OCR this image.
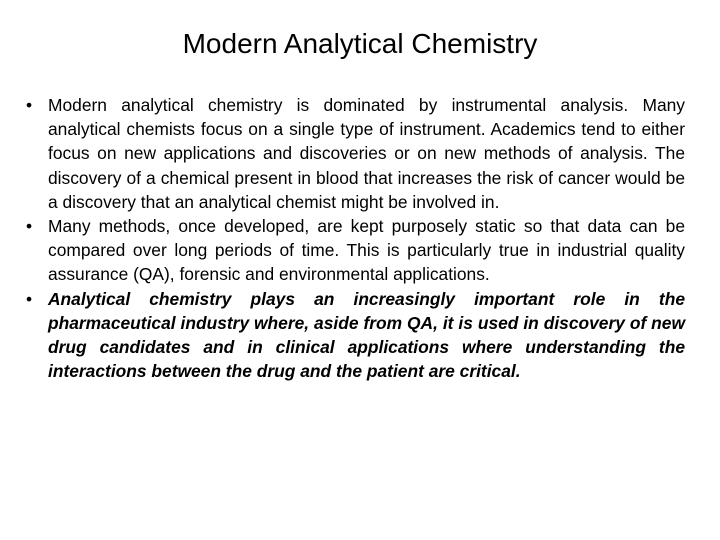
Modern Analytical Chemistry
• Modern analytical chemistry is dominated by instrumental analysis. Many analytical chemists focus on a single type of instrument. Academics tend to either focus on new applications and discoveries or on new methods of analysis. The discovery of a chemical present in blood that increases the risk of cancer would be a discovery that an analytical chemist might be involved in.
• Many methods, once developed, are kept purposely static so that data can be compared over long periods of time. This is particularly true in industrial quality assurance (QA), forensic and environmental applications.
• Analytical chemistry plays an increasingly important role in the pharmaceutical industry where, aside from QA, it is used in discovery of new drug candidates and in clinical applications where understanding the interactions between the drug and the patient are critical.
